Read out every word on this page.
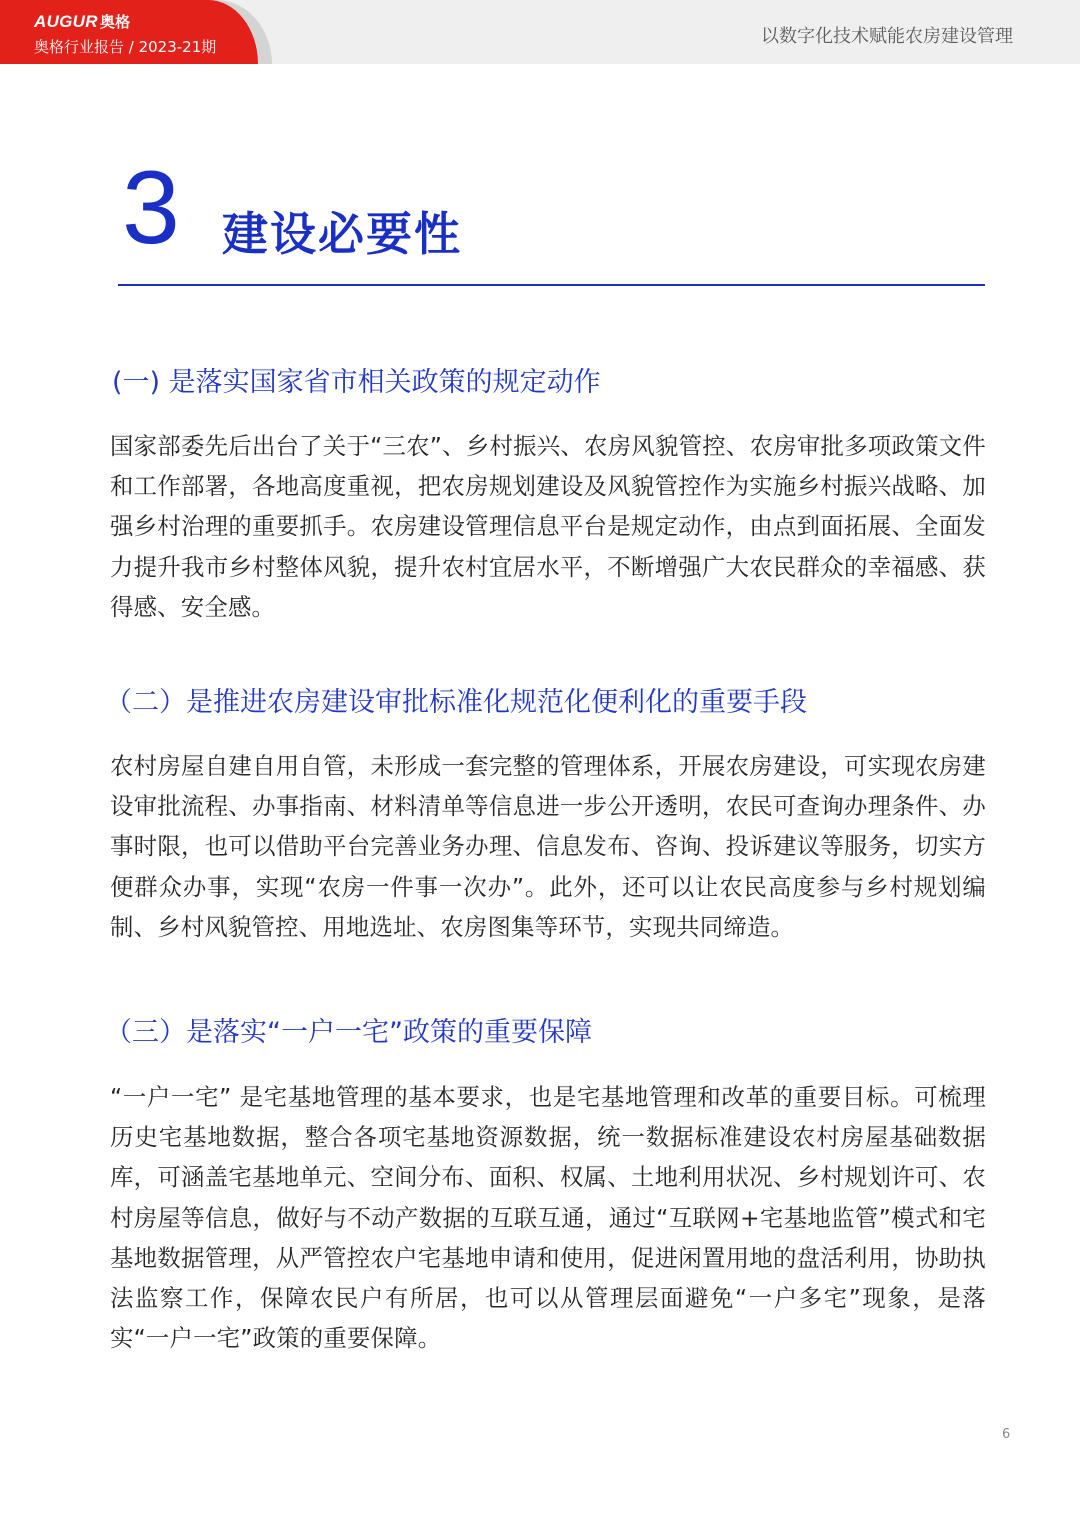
AUGUR 奥格
奥格行业报告 / 2023-21期	以数字化技术赋能农房建设管理
3 建设必要性
(一) 是落实国家省市相关政策的规定动作
国家部委先后出台了关于“三农”、乡村振兴、农房风貌管控、农房审批多项政策文件和工作部署，各地高度重视，把农房规划建设及风貌管控作为实施乡村振兴战略、加强乡村治理的重要抓手。农房建设管理信息平台是规定动作，由点到面拓展、全面发力提升我市乡村整体风貌，提升农村宜居水平，不断增强广大农民群众的幸福感、获得感、安全感。
（二）是推进农房建设审批标准化规范化便利化的重要手段
农村房屋自建自用自管，未形成一套完整的管理体系，开展农房建设，可实现农房建设审批流程、办事指南、材料清单等信息进一步公开透明，农民可查询办理条件、办事时限，也可以借助平台完善业务办理、信息发布、咨询、投诉建议等服务，切实方便群众办事，实现“农房一件事一次办”。此外，还可以让农民高度参与乡村规划编制、乡村风貌管控、用地选址、农房图集等环节，实现共同缔造。
（三）是落实“一户一宅”政策的重要保障
“一户一宅” 是宅基地管理的基本要求，也是宅基地管理和改革的重要目标。可梳理历史宅基地数据，整合各项宅基地资源数据，统一数据标准建设农村房屋基础数据库，可涵盖宅基地单元、空间分布、面积、权属、土地利用状况、乡村规划许可、农村房屋等信息，做好与不动产数据的互联互通，通过“互联网+宅基地监管”模式和宅基地数据管理，从严管控农户宅基地申请和使用，促进闲置用地的盘活利用，协助执法监察工作，保障农民户有所居，也可以从管理层面避免“一户多宅”现象，是落实“一户一宅”政策的重要保障。
6
